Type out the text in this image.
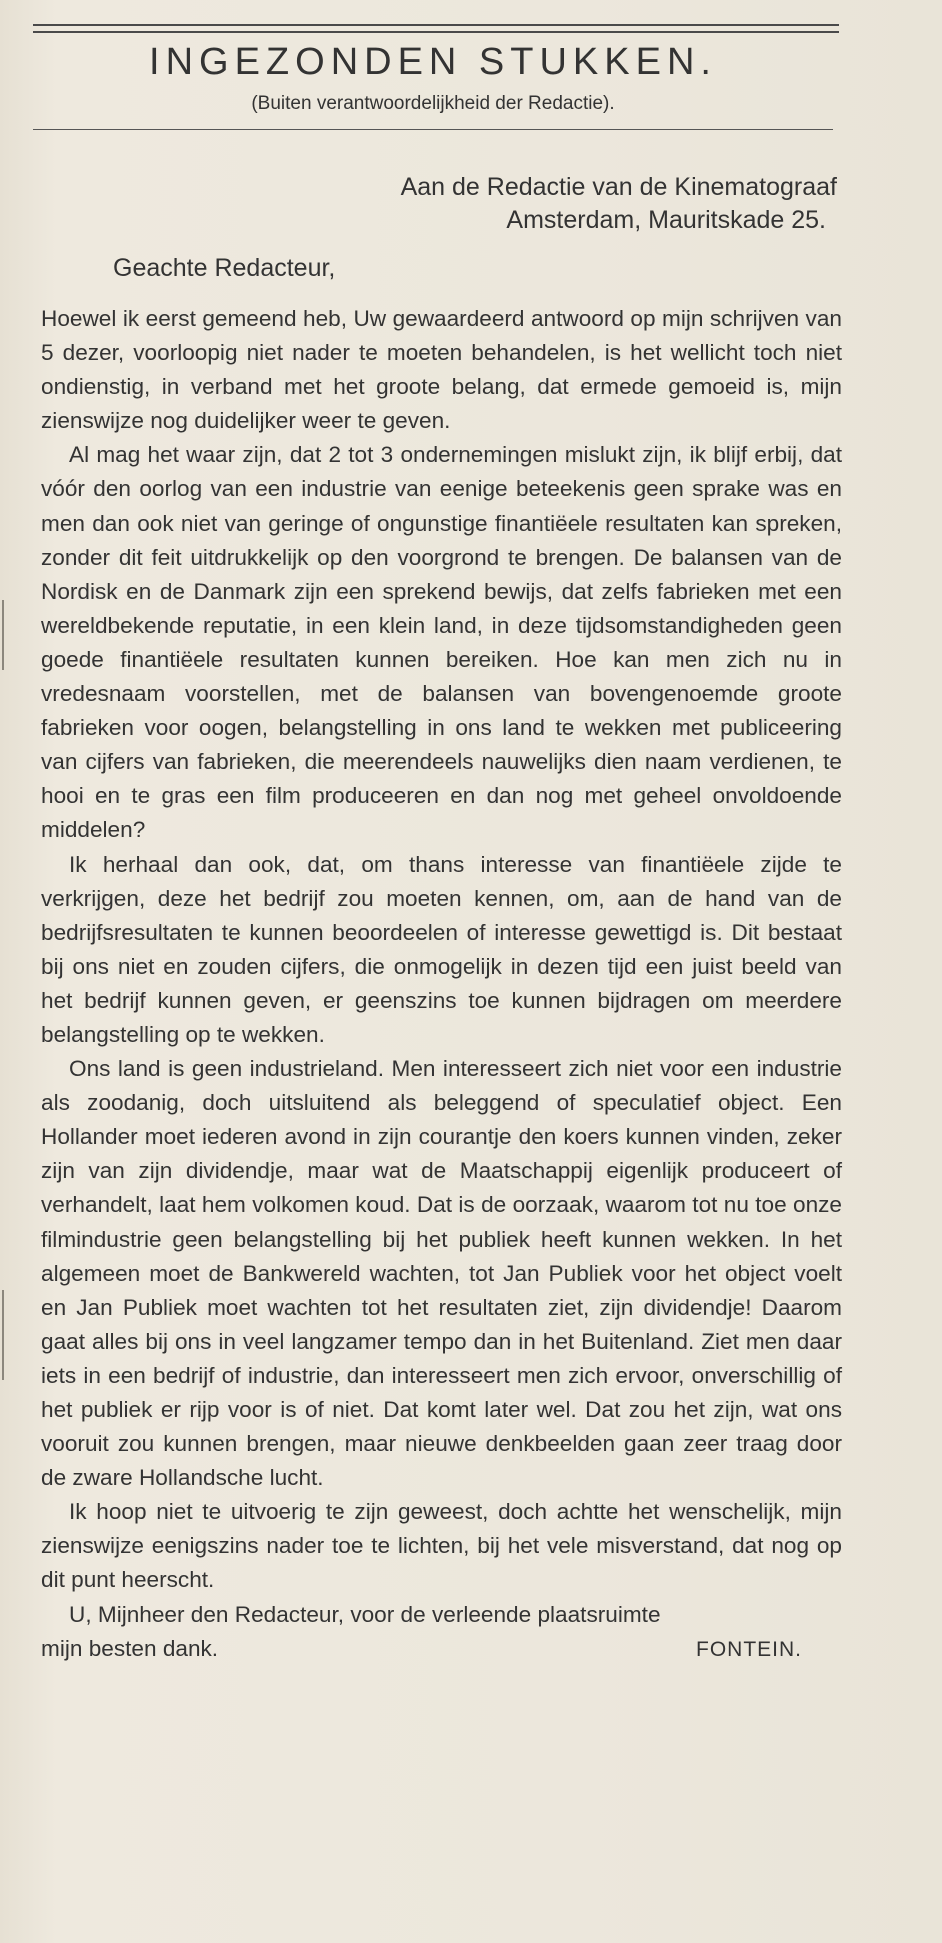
INGEZONDEN STUKKEN.
(Buiten verantwoordelijkheid der Redactie).
Aan de Redactie van de Kinematograaf
Amsterdam, Mauritskade 25.
Geachte Redacteur,

Hoewel ik eerst gemeend heb, Uw gewaardeerd antwoord op mijn schrijven van 5 dezer, voorloopig niet nader te moeten behandelen, is het wellicht toch niet ondienstig, in verband met het groote belang, dat ermede gemoeid is, mijn zienswijze nog duidelijker weer te geven.

Al mag het waar zijn, dat 2 tot 3 ondernemingen mislukt zijn, ik blijf erbij, dat vóór den oorlog van een industrie van eenige beteekenis geen sprake was en men dan ook niet van geringe of ongunstige finantiëele resultaten kan spreken, zonder dit feit uitdrukkelijk op den voorgrond te brengen. De balansen van de Nordisk en de Danmark zijn een sprekend bewijs, dat zelfs fabrieken met een wereldbekende reputatie, in een klein land, in deze tijdsomstandigheden geen goede finantiëele resultaten kunnen bereiken. Hoe kan men zich nu in vredesnaam voorstellen, met de balansen van bovengenoemde groote fabrieken voor oogen, belangstelling in ons land te wekken met publiceering van cijfers van fabrieken, die meerendeels nauwelijks dien naam verdienen, te hooi en te gras een film produceeren en dan nog met geheel onvoldoende middelen?

Ik herhaal dan ook, dat, om thans interesse van finantiëele zijde te verkrijgen, deze het bedrijf zou moeten kennen, om, aan de hand van de bedrijfsresultaten te kunnen beoordeelen of interesse gewettigd is. Dit bestaat bij ons niet en zouden cijfers, die onmogelijk in dezen tijd een juist beeld van het bedrijf kunnen geven, er geenszins toe kunnen bijdragen om meerdere belangstelling op te wekken.

Ons land is geen industrieland. Men interesseert zich niet voor een industrie als zoodanig, doch uitsluitend als beleggend of speculatief object. Een Hollander moet iederen avond in zijn courantje den koers kunnen vinden, zeker zijn van zijn dividendje, maar wat de Maatschappij eigenlijk produceert of verhandelt, laat hem volkomen koud. Dat is de oorzaak, waarom tot nu toe onze filmindustrie geen belangstelling bij het publiek heeft kunnen wekken. In het algemeen moet de Bankwereld wachten, tot Jan Publiek voor het object voelt en Jan Publiek moet wachten tot het resultaten ziet, zijn dividendje! Daarom gaat alles bij ons in veel langzamer tempo dan in het Buitenland. Ziet men daar iets in een bedrijf of industrie, dan interesseert men zich ervoor, onverschillig of het publiek er rijp voor is of niet. Dat komt later wel. Dat zou het zijn, wat ons vooruit zou kunnen brengen, maar nieuwe denkbeelden gaan zeer traag door de zware Hollandsche lucht.

Ik hoop niet te uitvoerig te zijn geweest, doch achtte het wenschelijk, mijn zienswijze eenigszins nader toe te lichten, bij het vele misverstand, dat nog op dit punt heerscht.

U, Mijnheer den Redacteur, voor de verleende plaatsruimte

mijn besten dank.	FONTEIN.
